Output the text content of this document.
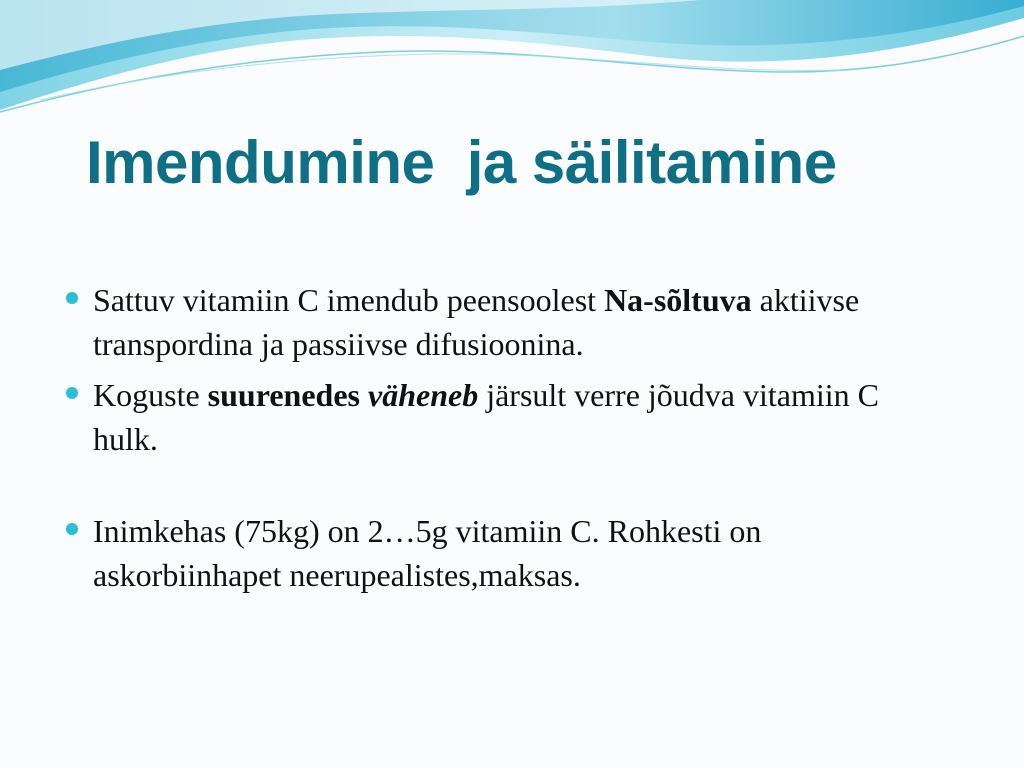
Imendumine  ja säilitamine
Sattuv vitamiin C imendub peensoolest Na-sõltuva aktiivse transpordina ja passiivse difusioonina.
Koguste suurenedes väheneb järsult verre jõudva vitamiin C hulk.
Inimkehas (75kg) on 2…5g vitamiin C. Rohkesti on askorbiinhapet neerupealistes,maksas.
